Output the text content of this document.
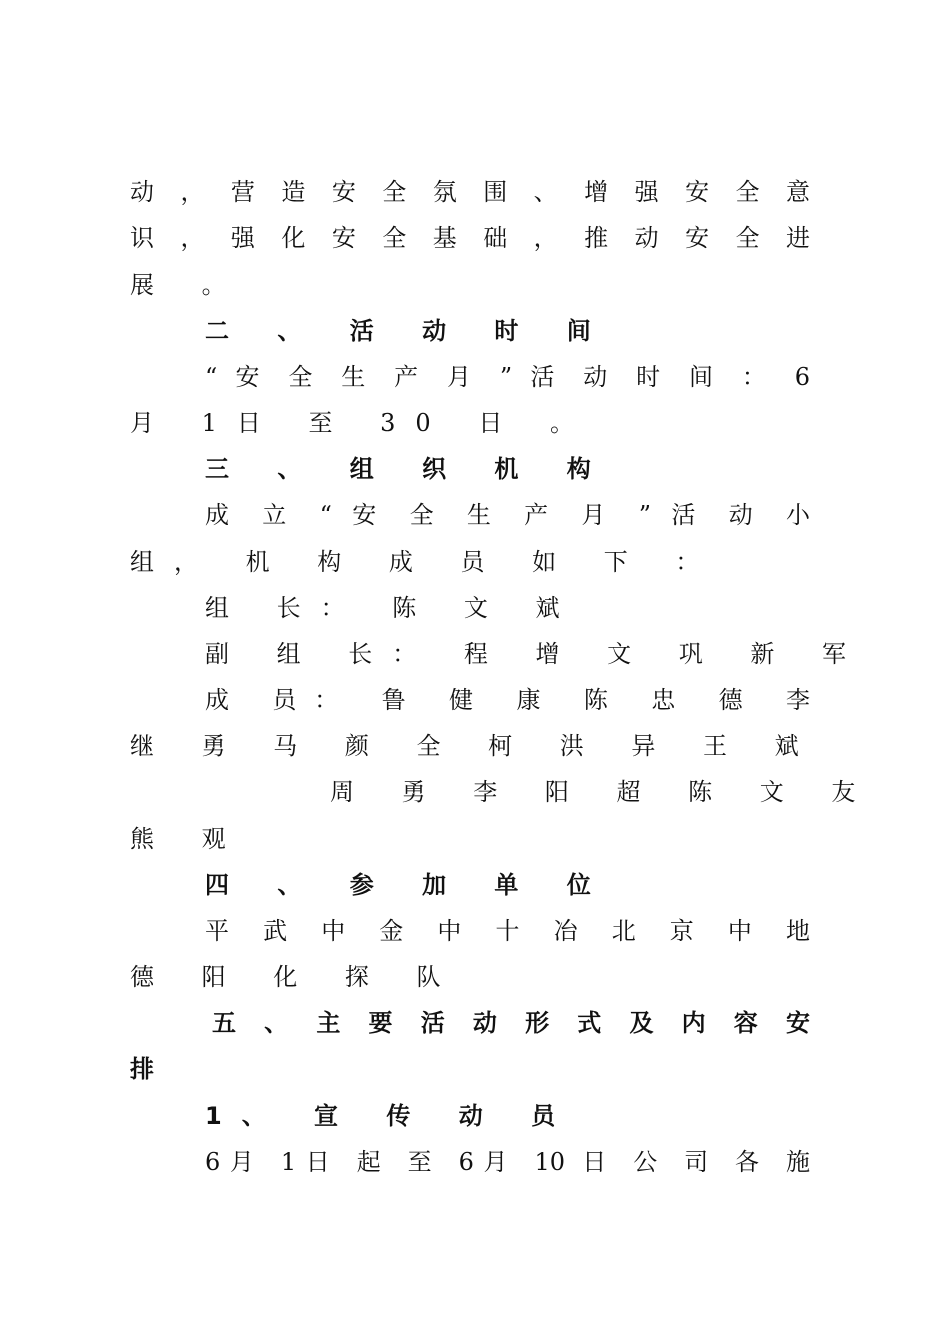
动 ， 营 造 安 全 氛 围 、 增 强 安 全 意

识 ， 强 化 安 全 基 础 ， 推 动 安 全 进

展 。

二 、 活 动 时 间

“ 安 全 生 产 月 ” 活 动 时 间 ： 6

月 1日 至 30 日 。

三 、 组 织 机 构

成 立 “ 安 全 生 产 月 ” 活 动 小

组， 机 构 成 员 如 下 ：

组 长： 陈 文 斌

副 组 长： 程 增 文 巩 新 军

成 员： 鲁 健 康 陈 忠 德 李

继 勇 马 颜 全 柯 洪 异 王 斌

周 勇 李 阳 超 陈 文 友

熊 观

四 、 参 加 单 位

平 武 中 金 中 十 冶 北 京 中 地

德 阳 化 探 队

五 、 主 要 活 动 形 式 及 内 容 安

排

1、 宣 传 动 员

6月 1日 起 至 6月 10 日 公 司 各 施
